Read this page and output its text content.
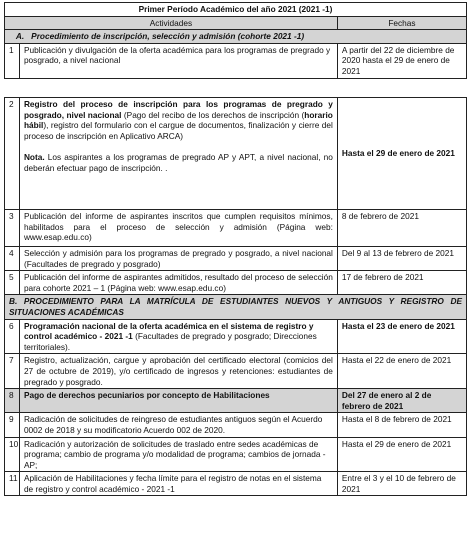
Primer Período Académico del año 2021 (2021 -1)		
Actividades		Fechas
A. Procedimiento de inscripción, selección y admisión (cohorte 2021 -1)		
1	Publicación y divulgación de la oferta académica para los programas de pregrado y posgrado, a nivel nacional	A partir del 22 de diciembre de 2020 hasta el 29 de enero de 2021
2	Registro del proceso de inscripción para los programas de pregrado y posgrado, nivel nacional (Pago del recibo de los derechos de inscripción (horario hábil), registro del formulario con el cargue de documentos, finalización y cierre del proceso de inscripción en Aplicativo ARCA)
Nota. Los aspirantes a los programas de pregrado AP y APT, a nivel nacional, no deberán efectuar pago de inscripción. .	Hasta el 29 de enero de 2021
3	Publicación del informe de aspirantes inscritos que cumplen requisitos mínimos, habilitados para el proceso de selección y admisión (Página web: www.esap.edu.co)	8 de febrero de 2021
4	Selección y admisión para los programas de pregrado y posgrado, a nivel nacional (Facultades de pregrado y posgrado)	Del 9 al 13 de febrero de 2021
5	Publicación del informe de aspirantes admitidos, resultado del proceso de selección para cohorte 2021 – 1 (Página web: www.esap.edu.co)	17 de febrero de 2021
B. PROCEDIMIENTO PARA LA MATRÍCULA DE ESTUDIANTES NUEVOS Y ANTIGUOS Y REGISTRO DE SITUACIONES ACADÉMICAS		
6	Programación nacional de la oferta académica en el sistema de registro y control académico - 2021 -1 (Facultades de pregrado y posgrado; Direcciones territoriales).	Hasta el 23 de enero de 2021
7	Registro, actualización, cargue y aprobación del certificado electoral (comicios del 27 de octubre de 2019), y/o certificado de ingresos y retenciones: estudiantes de pregrado y posgrado.	Hasta el 22 de enero de 2021
8	Pago de derechos pecuniarios por concepto de Habilitaciones	Del 27 de enero al 2 de febrero de 2021
9	Radicación de solicitudes de reingreso de estudiantes antiguos según el Acuerdo 0002 de 2018 y su modificatorio Acuerdo 002 de 2020.	Hasta el 8 de febrero de 2021
10	Radicación y autorización de solicitudes de traslado entre sedes académicas de programa; cambio de programa y/o modalidad de programa; cambios de jornada - AP;	Hasta el 29 de enero de 2021
11	Aplicación de Habilitaciones y fecha límite para el registro de notas en el sistema de registro y control académico - 2021 -1	Entre el 3 y el 10 de febrero de 2021
